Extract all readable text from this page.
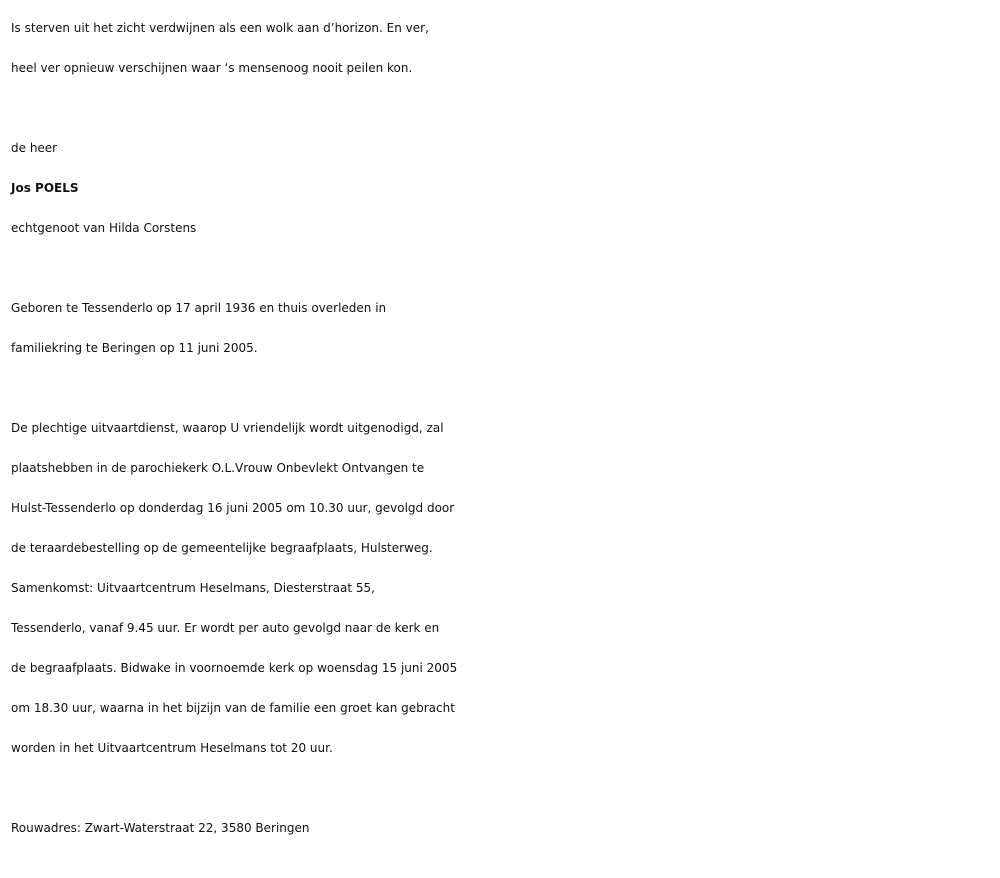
Is sterven uit het zicht verdwijnen als een wolk aan d’horizon. En ver,
heel ver opnieuw verschijnen waar ‘s mensenoog nooit peilen kon.
de heer
Jos POELS
echtgenoot van Hilda Corstens
Geboren te Tessenderlo op 17 april 1936 en thuis overleden in
familiekring te Beringen op 11 juni 2005.
De plechtige uitvaartdienst, waarop U vriendelijk wordt uitgenodigd, zal
plaatshebben in de parochiekerk O.L.Vrouw Onbevlekt Ontvangen te
Hulst-Tessenderlo op donderdag 16 juni 2005 om 10.30 uur, gevolgd door
de teraardebestelling op de gemeentelijke begraafplaats, Hulsterweg.
Samenkomst: Uitvaartcentrum Heselmans, Diesterstraat 55,
Tessenderlo, vanaf 9.45 uur. Er wordt per auto gevolgd naar de kerk en
de begraafplaats. Bidwake in voornoemde kerk op woensdag 15 juni 2005
om 18.30 uur, waarna in het bijzijn van de familie een groet kan gebracht
worden in het Uitvaartcentrum Heselmans tot 20 uur.
Rouwadres: Zwart-Waterstraat 22, 3580 Beringen
